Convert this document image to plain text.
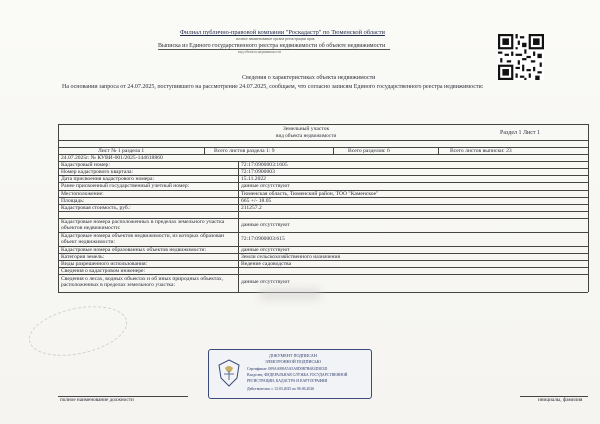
Филиал публично-правовой компании "Роскадастр" по Тюменской области
полное наименование органа регистрации прав
Выписка из Единого государственного реестра недвижимости об объекте недвижимости
вид объекта недвижимости
Сведения о характеристиках объекта недвижимости
На основании запроса от 24.07.2025, поступившего на рассмотрение 24.07.2025, сообщаем, что согласно записям Единого государственного реестра недвижимости:
Раздел 1 Лист 1
Земельный участок
вид объекта недвижимости
Лист № 1 раздела 1	Всего листов раздела 1: 9	Всего разделов: 6	Всего листов выписки: 23
24.07.2025г. № КУВИ-001/2025-144618860
Кадастровый номер:	72:17:0900003:1605
Номер кадастрового квартала:	72:17:0900003
Дата присвоения кадастрового номера:	15.11.2022
Ранее присвоенный государственный учетный номер:	данные отсутствуют
Местоположение:	Тюменская область, Тюменский район, ТОО "Каменское"
Площадь:	665 +/- 18.05
Кадастровая стоимость, руб.:	211257.2
Кадастровые номера расположенных в пределах земельного участка объектов недвижимости:
данные отсутствуют
Кадастровые номера объектов недвижимости, из которых образован объект недвижимости:
72:17:0900003:615
Кадастровые номера образованных объектов недвижимости:	данные отсутствуют
Категория земель:	Земли сельскохозяйственного назначения
Виды разрешенного использования:	Ведение садоводства
Сведения о кадастровом инженере:
Сведения о лесах, водных объектах и об иных природных объектах, расположенных в пределах земельного участка:	данные отсутствуют
ДОКУМЕНТ ПОДПИСАН
ЭЛЕКТРОННОЙ ПОДПИСЬЮ
Сертификат: 009AA8BA5A5A8D0B7B6E4D3E3D
Владелец: ФЕДЕРАЛЬНАЯ СЛУЖБА ГОСУДАРСТВЕННОЙ
РЕГИСТРАЦИИ, КАДАСТРА И КАРТОГРАФИИ
Действителен: с 13.03.2025 по 06.06.2026
полное наименование должности	инициалы, фамилия
